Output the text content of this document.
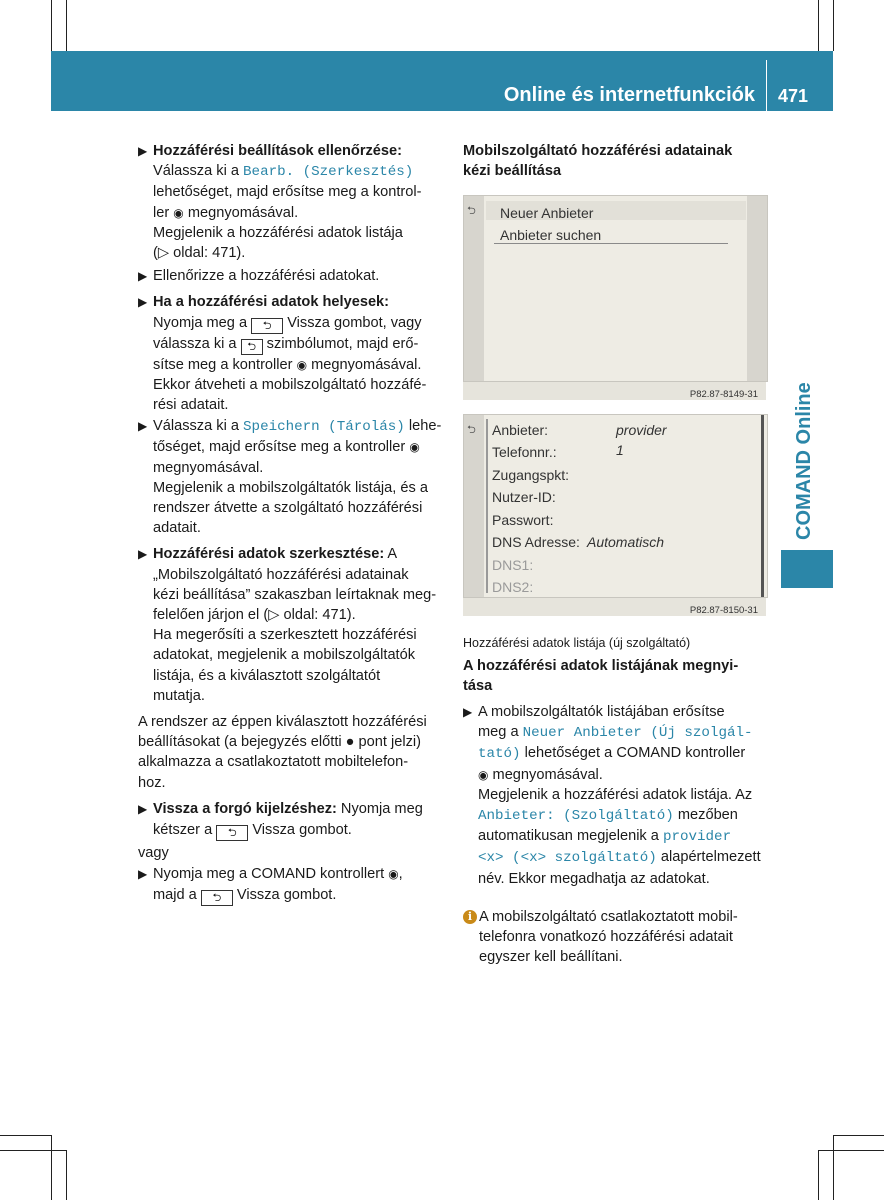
Online és internetfunkciók 471
COMAND Online
▶ Hozzáférési beállítások ellenőrzése:
Válassza ki a Bearb. (Szerkesztés)
lehetőséget, majd erősítse meg a kontrol-
ler ◉ megnyomásával.
Megjelenik a hozzáférési adatok listája
(▷ oldal: 471).
▶ Ellenőrizze a hozzáférési adatokat.
▶ Ha a hozzáférési adatok helyesek:
Nyomja meg a ⮌ Vissza gombot, vagy
válassza ki a ⮌ szimbólumot, majd erő-
sítse meg a kontroller ◉ megnyomásával.
Ekkor átveheti a mobilszolgáltató hozzáfé-
rési adatait.
▶ Válassza ki a Speichern (Tárolás) lehe-
tőséget, majd erősítse meg a kontroller ◉
megnyomásával.
Megjelenik a mobilszolgáltatók listája, és a
rendszer átvette a szolgáltató hozzáférési
adatait.
▶ Hozzáférési adatok szerkesztése: A
„Mobilszolgáltató hozzáférési adatainak
kézi beállítása” szakaszban leírtaknak meg-
felelően járjon el (▷ oldal: 471).
Ha megerősíti a szerkesztett hozzáférési
adatokat, megjelenik a mobilszolgáltatók
listája, és a kiválasztott szolgáltatót
mutatja.
A rendszer az éppen kiválasztott hozzáférési
beállításokat (a bejegyzés előtti ● pont jelzi)
alkalmazza a csatlakoztatott mobiltelefon-
hoz.
▶ Vissza a forgó kijelzéshez: Nyomja meg
kétszer a ⮌ Vissza gombot.
vagy
▶ Nyomja meg a COMAND kontrollert ◉,
majd a ⮌ Vissza gombot.
Mobilszolgáltató hozzáférési adatainak
kézi beállítása
⮌ Neuer Anbieter
Anbieter suchen
P82.87-8149-31
⮌ Anbieter:	provider 1
Telefonnr.:
Zugangspkt:
Nutzer-ID:
Passwort:
DNS Adresse: Automatisch
DNS1:
DNS2:
P82.87-8150-31
Hozzáférési adatok listája (új szolgáltató)
A hozzáférési adatok listájának megnyi-
tása
▶ A mobilszolgáltatók listájában erősítse
meg a Neuer Anbieter (Új szolgál-
tató) lehetőséget a COMAND kontroller
◉ megnyomásával.
Megjelenik a hozzáférési adatok listája. Az
Anbieter: (Szolgáltató) mezőben
automatikusan megjelenik a provider
<x> (<x> szolgáltató) alapértelmezett
név. Ekkor megadhatja az adatokat.
i A mobilszolgáltató csatlakoztatott mobil-
telefonra vonatkozó hozzáférési adatait
egyszer kell beállítani.
